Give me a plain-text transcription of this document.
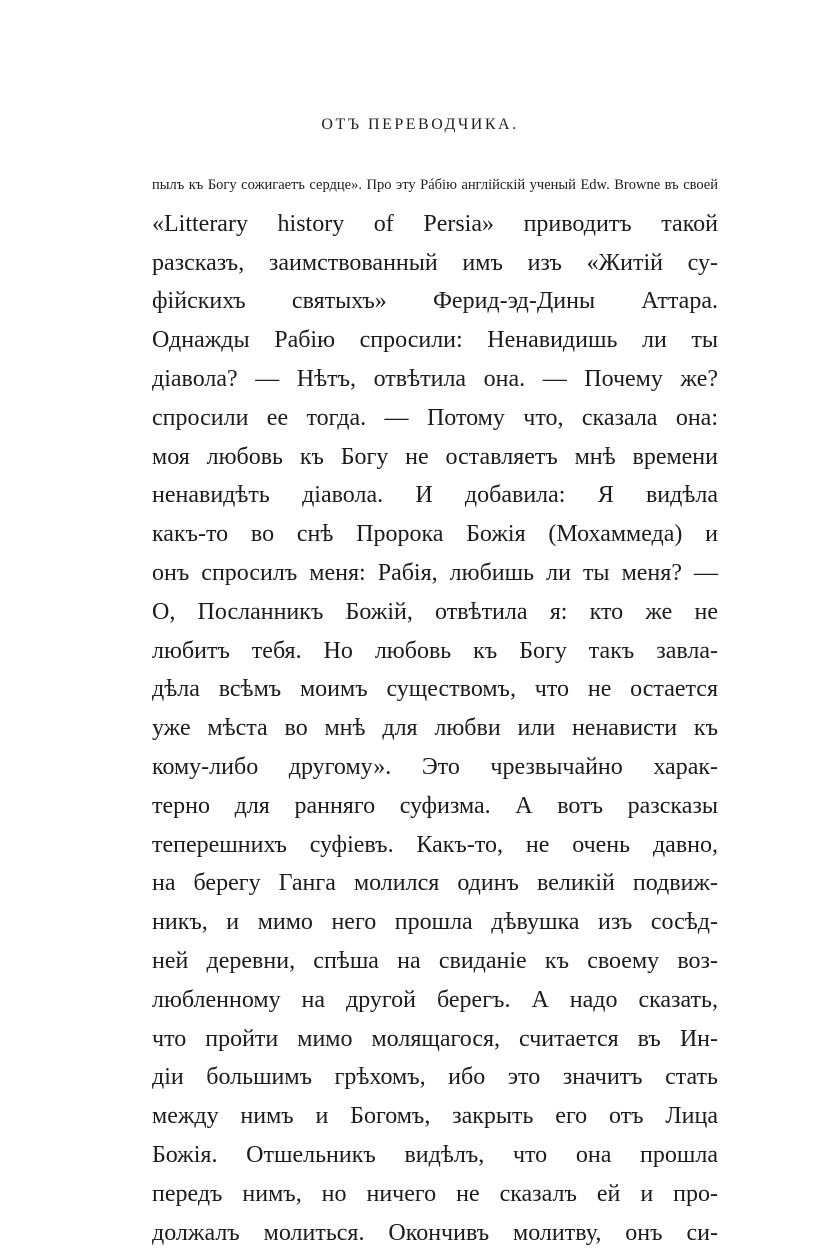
ОТЪ ПЕРЕВОДЧИКА.
пылъ къ Богу сожигаетъ сердце». Про эту Рáбiю англiйскiй ученый Edw. Browne въ своей
«Litterary history of Persia» приводитъ такой
разсказъ, заимствованный имъ изъ «Житiй су-
фiйскихъ святыхъ» Ферид-эд-Дины Аттара.
Однажды Рабiю спросили: Ненавидишь ли ты
дiавола? — Нѣтъ, отвѣтила она. — Почему же?
спросили ее тогда. — Потому что, сказала она:
моя любовь къ Богу не оставляетъ мнѣ времени
ненавидѣть дiавола. И добавила: Я видѣла
какъ-то во снѣ Пророка Божiя (Мохаммеда) и
онъ спросилъ меня: Рабiя, любишь ли ты меня? —
О, Посланникъ Божiй, отвѣтила я: кто же не
любитъ тебя. Но любовь къ Богу такъ завла-
дѣла всѣмъ моимъ существомъ, что не остается
уже мѣста во мнѣ для любви или ненависти къ
кому-либо другому». Это чрезвычайно харак-
терно для ранняго суфизма. А вотъ разсказы
теперешнихъ суфiевъ. Какъ-то, не очень давно,
на берегу Ганга молился одинъ великiй подвиж-
никъ, и мимо него прошла дѣвушка изъ сосѣд-
ней деревни, спѣша на свиданiе къ своему воз-
любленному на другой берегъ. А надо сказать,
что пройти мимо молящагося, считается въ Ин-
дiи большимъ грѣхомъ, ибо это значитъ стать
между нимъ и Богомъ, закрыть его отъ Лица
Божiя. Отшельникъ видѣлъ, что она прошла
передъ нимъ, но ничего не сказалъ ей и про-
должалъ молиться. Окончивъ молитву, онъ си-
